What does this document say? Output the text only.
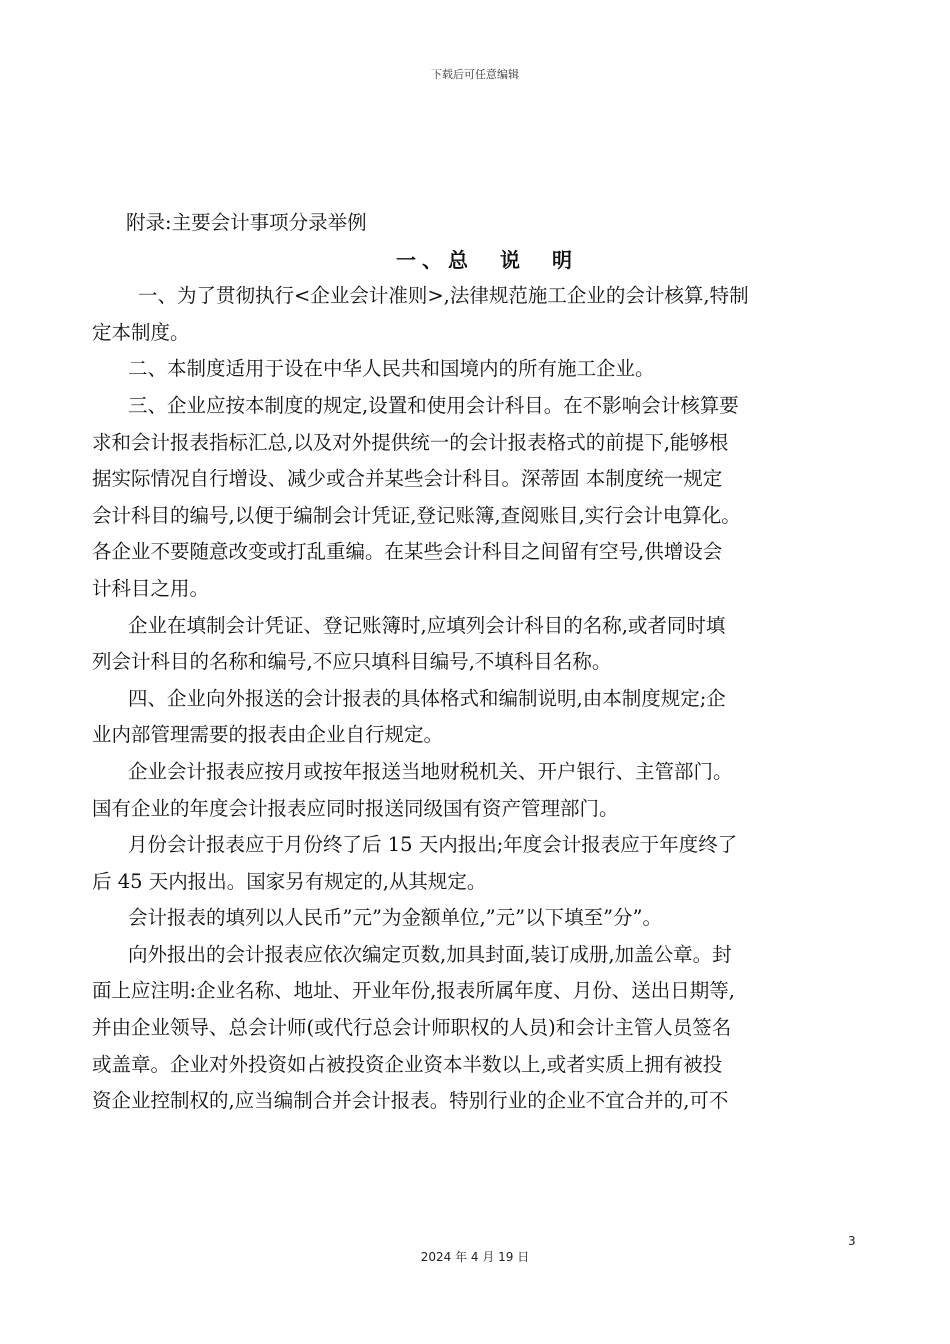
下载后可任意编辑
附录:主要会计事项分录举例
一、总　说　明
一、为了贯彻执行<企业会计准则>,法律规范施工企业的会计核算,特制
定本制度。
二、本制度适用于设在中华人民共和国境内的所有施工企业。
三、企业应按本制度的规定,设置和使用会计科目。在不影响会计核算要
求和会计报表指标汇总,以及对外提供统一的会计报表格式的前提下,能够根
据实际情况自行增设、减少或合并某些会计科目。深蒂固 本制度统一规定
会计科目的编号,以便于编制会计凭证,登记账簿,查阅账目,实行会计电算化。
各企业不要随意改变或打乱重编。在某些会计科目之间留有空号,供增设会
计科目之用。
企业在填制会计凭证、登记账簿时,应填列会计科目的名称,或者同时填
列会计科目的名称和编号,不应只填科目编号,不填科目名称。
四、企业向外报送的会计报表的具体格式和编制说明,由本制度规定;企
业内部管理需要的报表由企业自行规定。
企业会计报表应按月或按年报送当地财税机关、开户银行、主管部门。
国有企业的年度会计报表应同时报送同级国有资产管理部门。
月份会计报表应于月份终了后 15 天内报出;年度会计报表应于年度终了
后 45 天内报出。国家另有规定的,从其规定。
会计报表的填列以人民币”元”为金额单位,”元”以下填至”分”。
向外报出的会计报表应依次编定页数,加具封面,装订成册,加盖公章。封
面上应注明:企业名称、地址、开业年份,报表所属年度、月份、送出日期等,
并由企业领导、总会计师(或代行总会计师职权的人员)和会计主管人员签名
或盖章。企业对外投资如占被投资企业资本半数以上,或者实质上拥有被投
资企业控制权的,应当编制合并会计报表。特别行业的企业不宜合并的,可不
3
2024 年 4 月 19 日
